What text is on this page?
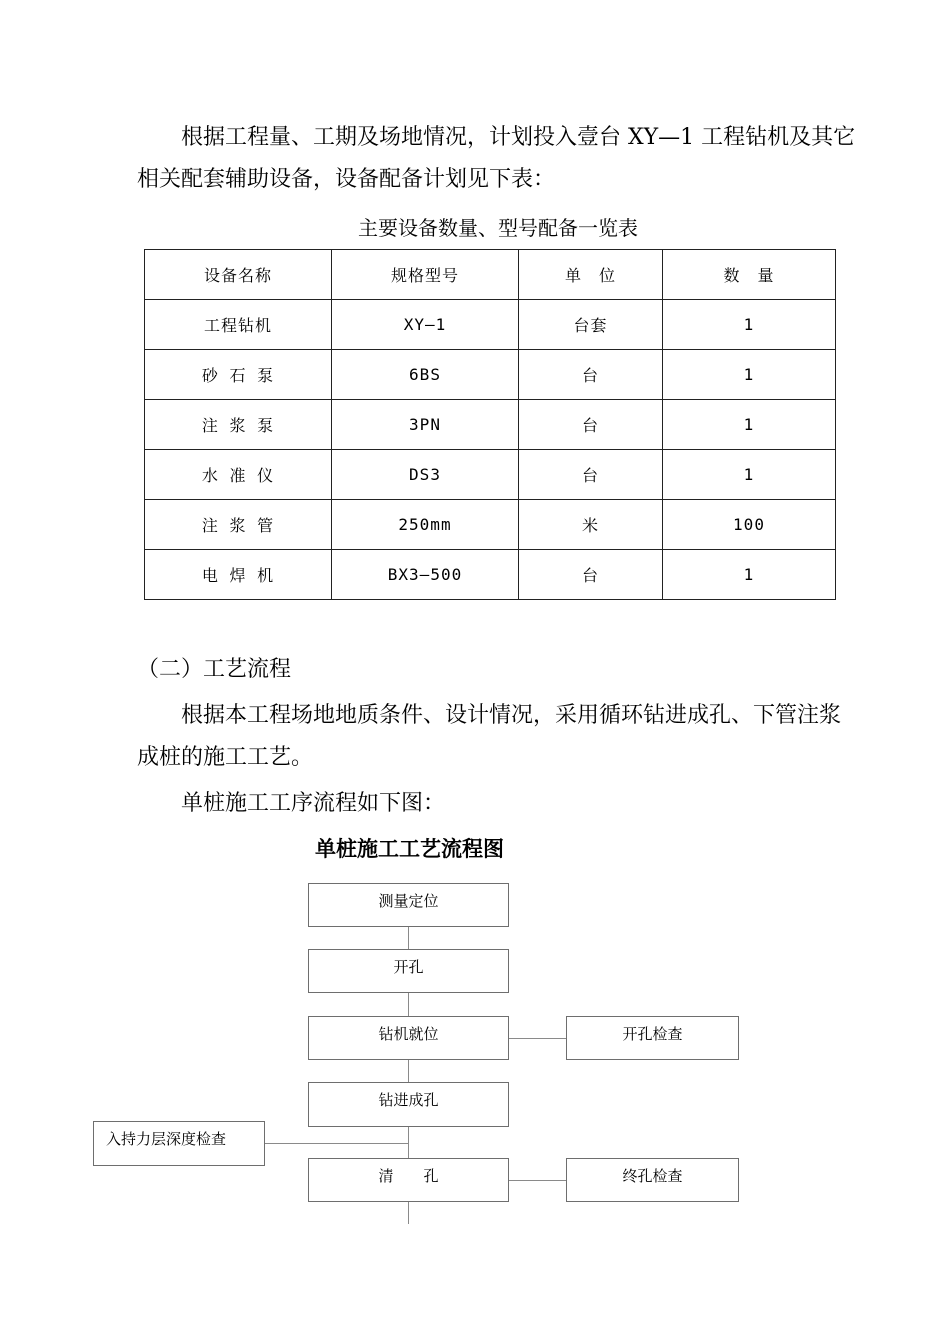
根据工程量、工期及场地情况，计划投入壹台 XY—1 工程钻机及其它相关配套辅助设备，设备配备计划见下表：

主要设备数量、型号配备一览表
设备名称	规格型号	单　位	数　量
工程钻机	XY—1	台套	1
砂 石 泵	6BS	台	1
注 浆 泵	3PN	台	1
水 准 仪	DS3	台	1
注 浆 管	250mm	米	100
电 焊 机	BX3—500	台	1
（二）工艺流程

根据本工程场地地质条件、设计情况，采用循环钻进成孔、下管注浆成桩的施工工艺。

单桩施工工序流程如下图：

单桩施工工艺流程图
测量定位
开孔
钻机就位
钻进成孔
清　　孔
开孔检查
入持力层深度检查
终孔检查
